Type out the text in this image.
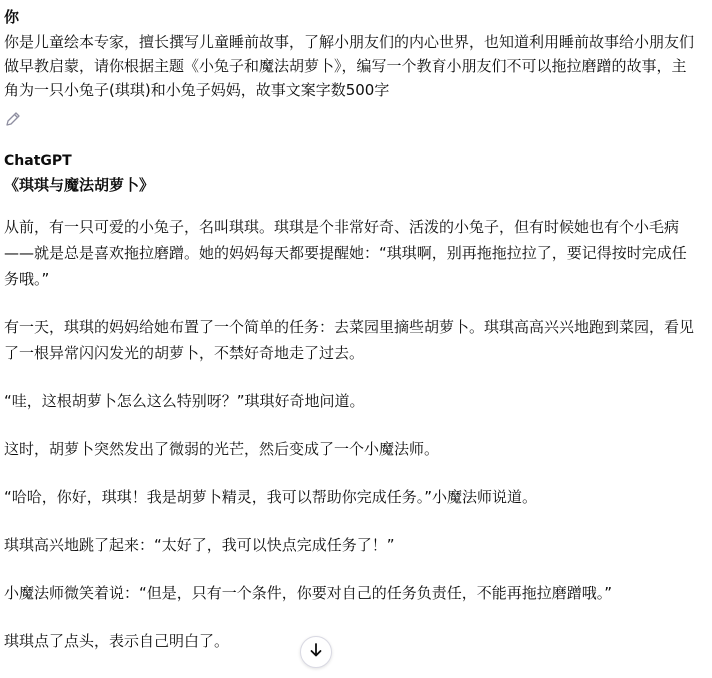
你

你是儿童绘本专家，擅长撰写儿童睡前故事，了解小朋友们的内心世界，也知道利用睡前故事给小朋友们做早教启蒙，请你根据主题《小兔子和魔法胡萝卜》，编写一个教育小朋友们不可以拖拉磨蹭的故事，主角为一只小兔子(琪琪)和小兔子妈妈，故事文案字数500字

ChatGPT
《琪琪与魔法胡萝卜》

从前，有一只可爱的小兔子，名叫琪琪。琪琪是个非常好奇、活泼的小兔子，但有时候她也有个小毛病——就是总是喜欢拖拉磨蹭。她的妈妈每天都要提醒她：“琪琪啊，别再拖拖拉拉了，要记得按时完成任务哦。”

有一天，琪琪的妈妈给她布置了一个简单的任务：去菜园里摘些胡萝卜。琪琪高高兴兴地跑到菜园，看见了一根异常闪闪发光的胡萝卜，不禁好奇地走了过去。

“哇，这根胡萝卜怎么这么特别呀？”琪琪好奇地问道。

这时，胡萝卜突然发出了微弱的光芒，然后变成了一个小魔法师。

“哈哈，你好，琪琪！我是胡萝卜精灵，我可以帮助你完成任务。”小魔法师说道。

琪琪高兴地跳了起来：“太好了，我可以快点完成任务了！”

小魔法师微笑着说：“但是，只有一个条件，你要对自己的任务负责任，不能再拖拉磨蹭哦。”

琪琪点了点头，表示自己明白了。
